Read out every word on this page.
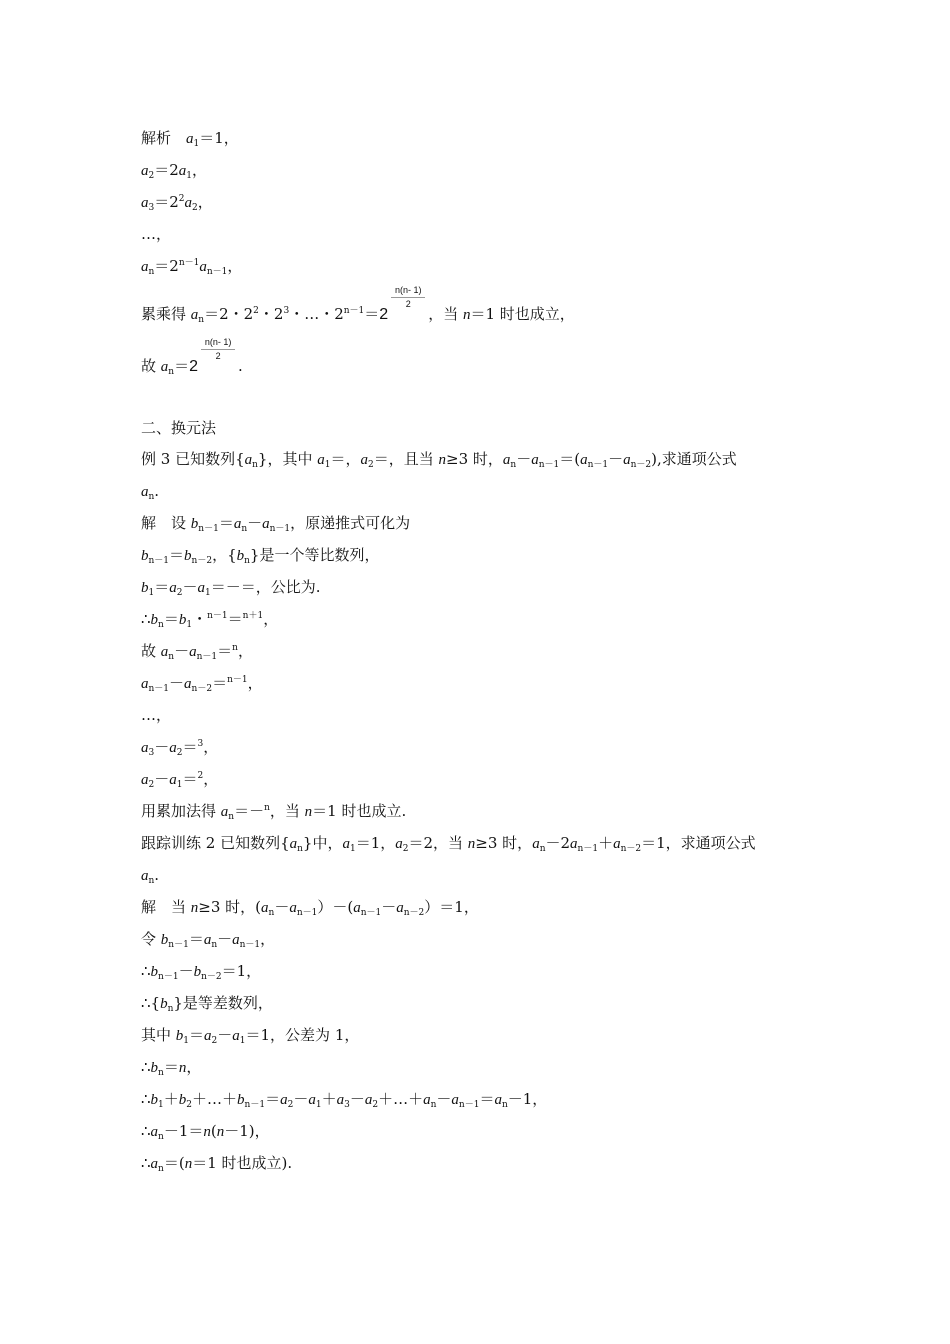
解析　$a_1=1$，
$a_2=2a_1$，
$a_3=2^2a_2$，
…，
$a_n=2^{n-1}a_{n-1}$，
累乘得 $a_n=2$・$2^2$・$2^3$・…・$2^{n-1}=2$
$\frac{n(n- 1)}{2}$
，当 n＝1 时也成立，
故 $a_n=2$
$\frac{n(n- 1)}{2}$
.
二、换元法
例 3 已知数列$\{a_n\}$，其中 $a_1=$，$a_2=$，且当 n≥3 时，$a_n-a_{n-1}=(a_{n-1}-a_{n-2})$,求通项公式
$a_n$.
解　设 $b_{n-1}=a_n-a_{n-1}$，原递推式可化为
$b_{n-1}=b_{n-2}$，$\{b_n\}$是一个等比数列，
$b_1=a_2-a_1=-=$，公比为.
$\therefore b_n=b_1$・$^{n-1}$＝$^{n+1}$，
故 $a_n-a_{n-1}=^n$，
$a_{n-1}-a_{n-2}=^{n-1}$，
…，
$a_3-a_2=^3$，
$a_2-a_1=^2$，
用累加法得 $a_n=-^n$，当 n＝1 时也成立.
跟踪训练 2 已知数列$\{a_n\}$中，$a_1=1$，$a_2=2$，当 n≥3 时，$a_n-2a_{n-1}+a_{n-2}=1$，求通项公式
$a_n$.
解　当 n≥3 时，$(a_n-a_{n-1})-(a_{n-1}-a_{n-2})=1$，
令 $b_{n-1}=a_n-a_{n-1}$，
$\therefore b_{n-1}-b_{n-2}=1$，
$\therefore\{b_n\}$是等差数列，
其中 $b_1=a_2-a_1=1$，公差为 1，
$\therefore b_n=n$，
$\therefore b_1+b_2+\dots+b_{n-1}=a_2-a_1+a_3-a_2+\dots+a_n-a_{n-1}=a_n-1$，
$\therefore a_n-1=n(n-1)$，
$\therefore a_n=(n=1$ 时也成立).
